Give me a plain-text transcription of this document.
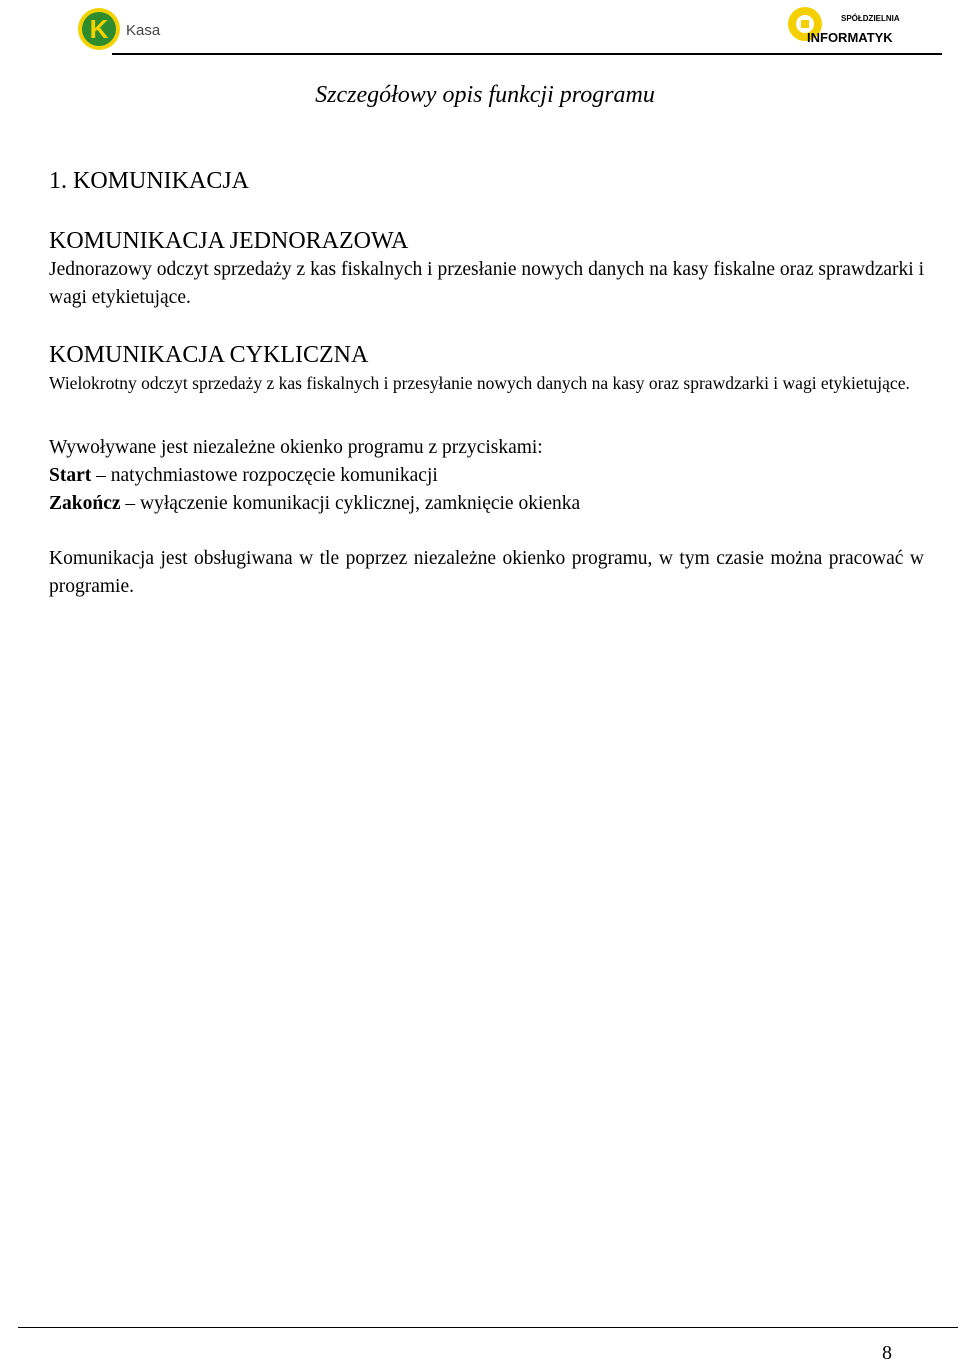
K Kasa
SPÓŁDZIELNIA
INFORMATYK
Szczegółowy opis funkcji programu
1. KOMUNIKACJA
KOMUNIKACJA JEDNORAZOWA
Jednorazowy odczyt sprzedaży z kas fiskalnych i przesłanie nowych danych na kasy fiskalne oraz sprawdzarki i wagi etykietujące.
KOMUNIKACJA CYKLICZNA
Wielokrotny odczyt sprzedaży z kas fiskalnych i przesyłanie nowych danych na kasy oraz sprawdzarki i wagi etykietujące.
Wywoływane jest niezależne okienko programu z przyciskami:
Start – natychmiastowe rozpoczęcie komunikacji
Zakończ – wyłączenie komunikacji cyklicznej, zamknięcie okienka
Komunikacja jest obsługiwana w tle poprzez niezależne okienko programu, w tym czasie można pracować w programie.
8
